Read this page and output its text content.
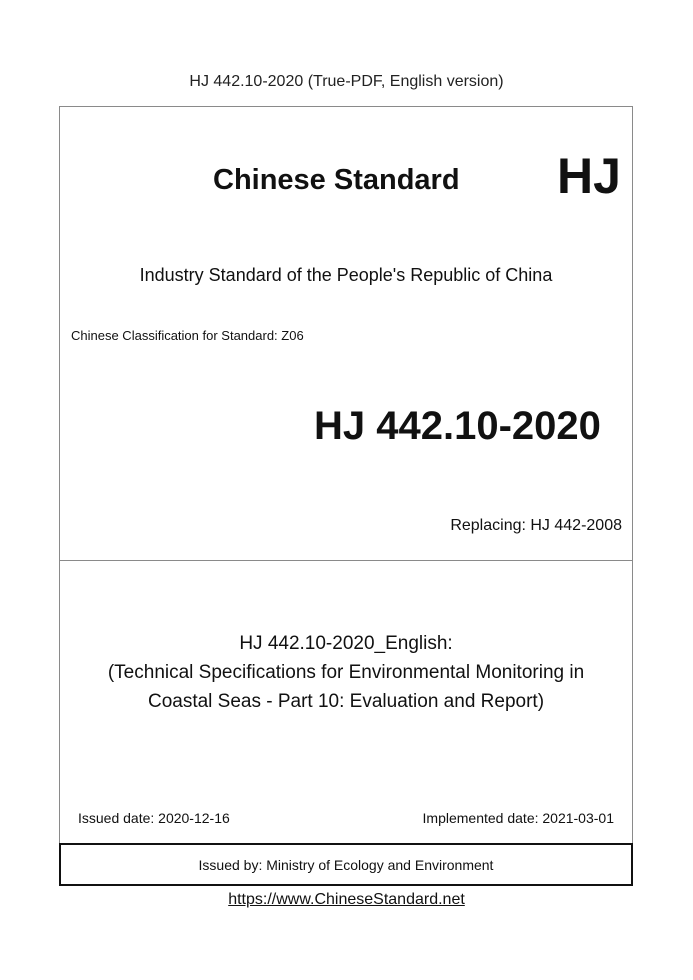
HJ 442.10-2020 (True-PDF, English version)
Chinese Standard HJ
Industry Standard of the People's Republic of China
Chinese Classification for Standard: Z06
HJ 442.10-2020
Replacing: HJ 442-2008
HJ 442.10-2020_English:
(Technical Specifications for Environmental Monitoring in
Coastal Seas - Part 10: Evaluation and Report)
Issued date: 2020-12-16	Implemented date: 2021-03-01
Issued by: Ministry of Ecology and Environment
https://www.ChineseStandard.net
